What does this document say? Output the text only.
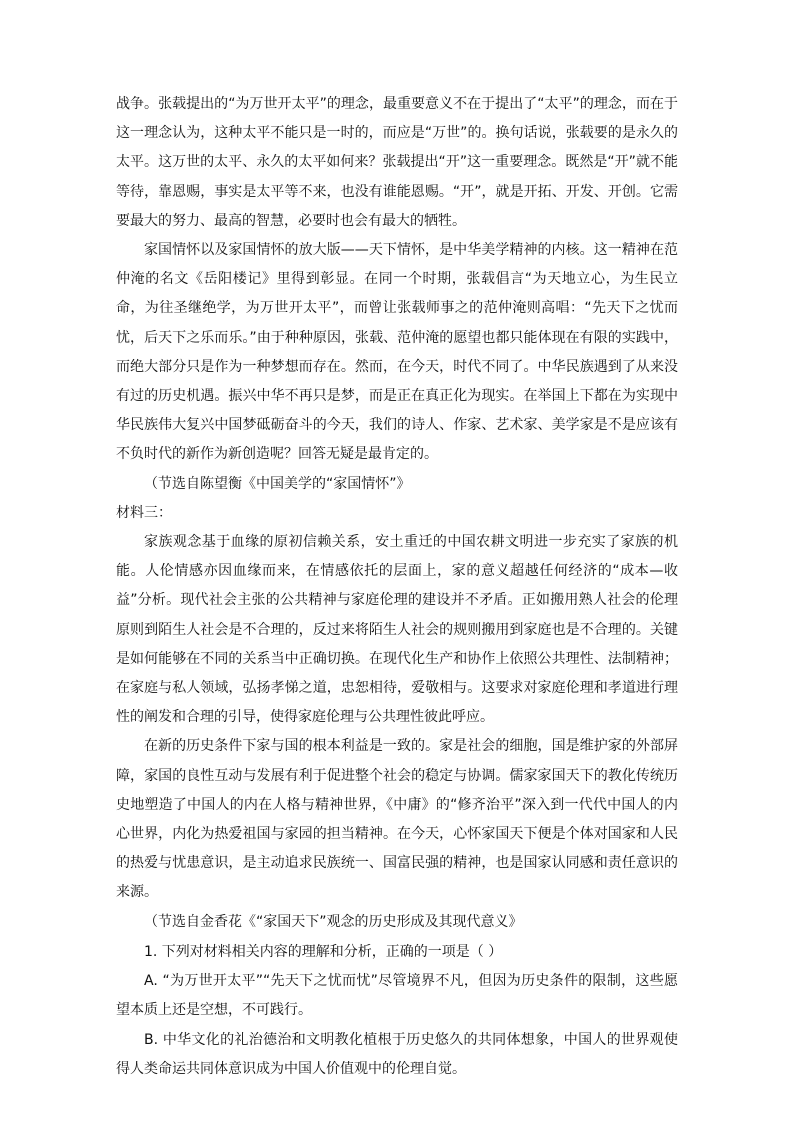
战争。张载提出的“为万世开太平”的理念，最重要意义不在于提出了“太平”的理念，而在于这一理念认为，这种太平不能只是一时的，而应是“万世”的。换句话说，张载要的是永久的太平。这万世的太平、永久的太平如何来？张载提出“开”这一重要理念。既然是“开”就不能等待，靠恩赐，事实是太平等不来，也没有谁能恩赐。“开”，就是开拓、开发、开创。它需要最大的努力、最高的智慧，必要时也会有最大的牺牲。

家国情怀以及家国情怀的放大版——天下情怀，是中华美学精神的内核。这一精神在范仲淹的名文《岳阳楼记》里得到彰显。在同一个时期，张载倡言“为天地立心，为生民立命，为往圣继绝学，为万世开太平”，而曾让张载师事之的范仲淹则高唱：“先天下之忧而忧，后天下之乐而乐。”由于种种原因，张载、范仲淹的愿望也都只能体现在有限的实践中，而绝大部分只是作为一种梦想而存在。然而，在今天，时代不同了。中华民族遇到了从来没有过的历史机遇。振兴中华不再只是梦，而是正在真正化为现实。在举国上下都在为实现中华民族伟大复兴中国梦砥砺奋斗的今天，我们的诗人、作家、艺术家、美学家是不是应该有不负时代的新作为新创造呢？回答无疑是最肯定的。

（节选自陈望衡《中国美学的“家国情怀”》

材料三：

家族观念基于血缘的原初信赖关系，安土重迁的中国农耕文明进一步充实了家族的机能。人伦情感亦因血缘而来，在情感依托的层面上，家的意义超越任何经济的“成本—收益”分析。现代社会主张的公共精神与家庭伦理的建设并不矛盾。正如搬用熟人社会的伦理原则到陌生人社会是不合理的，反过来将陌生人社会的规则搬用到家庭也是不合理的。关键是如何能够在不同的关系当中正确切换。在现代化生产和协作上依照公共理性、法制精神；在家庭与私人领域，弘扬孝悌之道，忠恕相待，爱敬相与。这要求对家庭伦理和孝道进行理性的阐发和合理的引导，使得家庭伦理与公共理性彼此呼应。

在新的历史条件下家与国的根本利益是一致的。家是社会的细胞，国是维护家的外部屏障，家国的良性互动与发展有利于促进整个社会的稳定与协调。儒家家国天下的教化传统历史地塑造了中国人的内在人格与精神世界，《中庸》的“修齐治平”深入到一代代中国人的内心世界，内化为热爱祖国与家园的担当精神。在今天，心怀家国天下便是个体对国家和人民的热爱与忧患意识，是主动追求民族统一、国富民强的精神，也是国家认同感和责任意识的来源。

（节选自金香花《“家国天下”观念的历史形成及其现代意义》

1. 下列对材料相关内容的理解和分析，正确的一项是（ ）

A. “为万世开太平”“先天下之忧而忧”尽管境界不凡，但因为历史条件的限制，这些愿望本质上还是空想，不可践行。

B. 中华文化的礼治德治和文明教化植根于历史悠久的共同体想象，中国人的世界观使得人类命运共同体意识成为中国人价值观中的伦理自觉。
